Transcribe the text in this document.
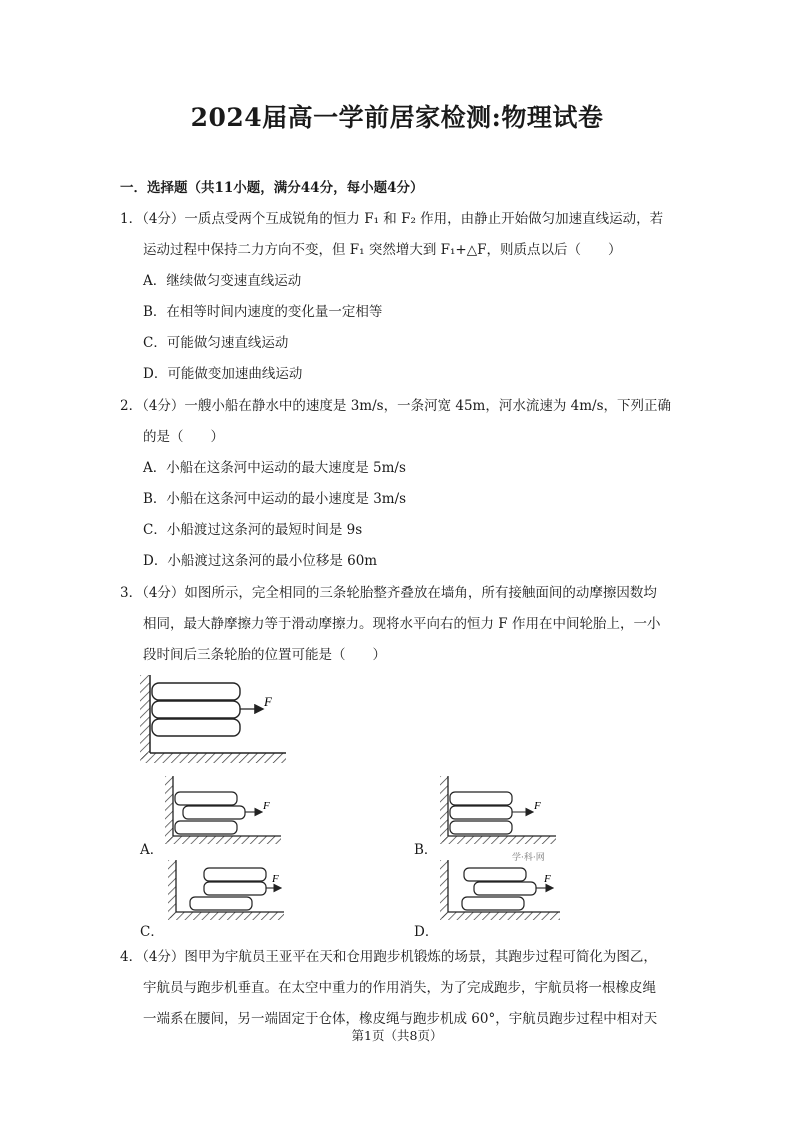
2024届高一学前居家检测:物理试卷
一．选择题（共11小题，满分44分，每小题4分）
1．（4分）一质点受两个互成锐角的恒力 F₁ 和 F₂ 作用，由静止开始做匀加速直线运动，若
运动过程中保持二力方向不变，但 F₁ 突然增大到 F₁+△F，则质点以后（　　）
A．继续做匀变速直线运动
B．在相等时间内速度的变化量一定相等
C．可能做匀速直线运动
D．可能做变加速曲线运动
2．（4分）一艘小船在静水中的速度是 3m/s，一条河宽 45m，河水流速为 4m/s，下列正确
的是（　　）
A．小船在这条河中运动的最大速度是 5m/s
B．小船在这条河中运动的最小速度是 3m/s
C．小船渡过这条河的最短时间是 9s
D．小船渡过这条河的最小位移是 60m
3．（4分）如图所示，完全相同的三条轮胎整齐叠放在墙角，所有接触面间的动摩擦因数均
相同，最大静摩擦力等于滑动摩擦力。现将水平向右的恒力 F 作用在中间轮胎上，一小
段时间后三条轮胎的位置可能是（　　）
F
F
A．
F
B．	学·科·网
F
C．
F
D．
4．（4分）图甲为宇航员王亚平在天和仓用跑步机锻炼的场景，其跑步过程可简化为图乙，
宇航员与跑步机垂直。在太空中重力的作用消失，为了完成跑步，宇航员将一根橡皮绳
一端系在腰间，另一端固定于仓体，橡皮绳与跑步机成 60°，宇航员跑步过程中相对天
第1页（共8页）
